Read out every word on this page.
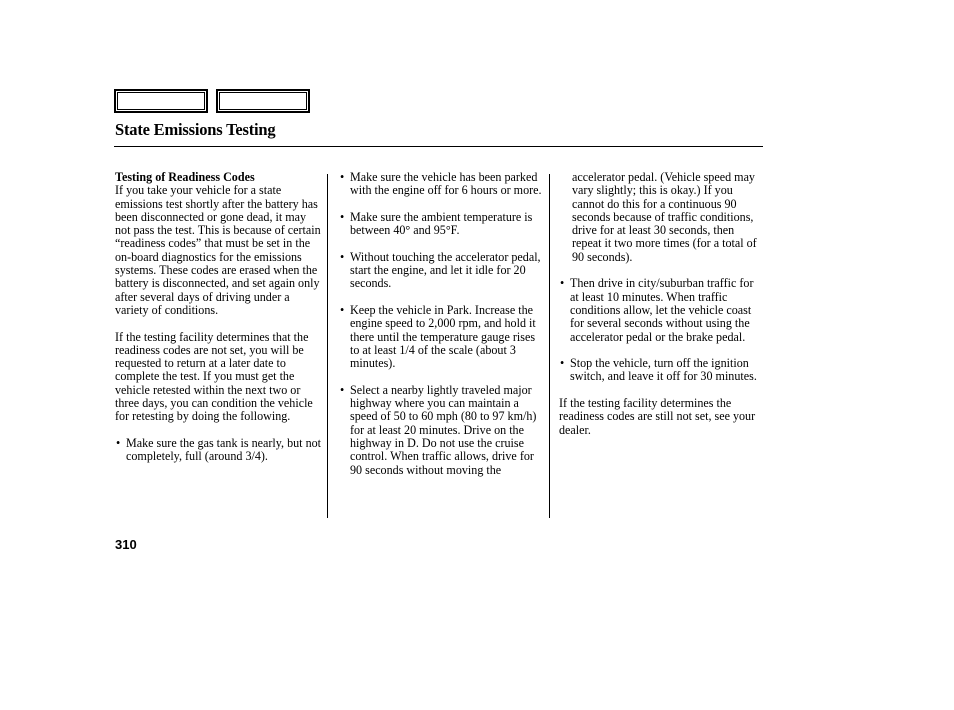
State Emissions Testing
Testing of Readiness Codes

If you take your vehicle for a state emissions test shortly after the battery has been disconnected or gone dead, it may not pass the test. This is because of certain “readiness codes” that must be set in the on-board diagnostics for the emissions systems. These codes are erased when the battery is disconnected, and set again only after several days of driving under a variety of conditions.

If the testing facility determines that the readiness codes are not set, you will be requested to return at a later date to complete the test. If you must get the vehicle retested within the next two or three days, you can condition the vehicle for retesting by doing the following.

• Make sure the gas tank is nearly, but not completely, full (around 3/4).
• Make sure the vehicle has been parked with the engine off for 6 hours or more.
• Make sure the ambient temperature is between 40° and 95°F.
• Without touching the accelerator pedal, start the engine, and let it idle for 20 seconds.
• Keep the vehicle in Park. Increase the engine speed to 2,000 rpm, and hold it there until the temperature gauge rises to at least 1/4 of the scale (about 3 minutes).
• Select a nearby lightly traveled major highway where you can maintain a speed of 50 to 60 mph (80 to 97 km/h) for at least 20 minutes. Drive on the highway in D. Do not use the cruise control. When traffic allows, drive for 90 seconds without moving the

accelerator pedal. (Vehicle speed may vary slightly; this is okay.) If you cannot do this for a continuous 90 seconds because of traffic conditions, drive for at least 30 seconds, then repeat it two more times (for a total of 90 seconds).

• Then drive in city/suburban traffic for at least 10 minutes. When traffic conditions allow, let the vehicle coast for several seconds without using the accelerator pedal or the brake pedal.
• Stop the vehicle, turn off the ignition switch, and leave it off for 30 minutes.

If the testing facility determines the readiness codes are still not set, see your dealer.

310
